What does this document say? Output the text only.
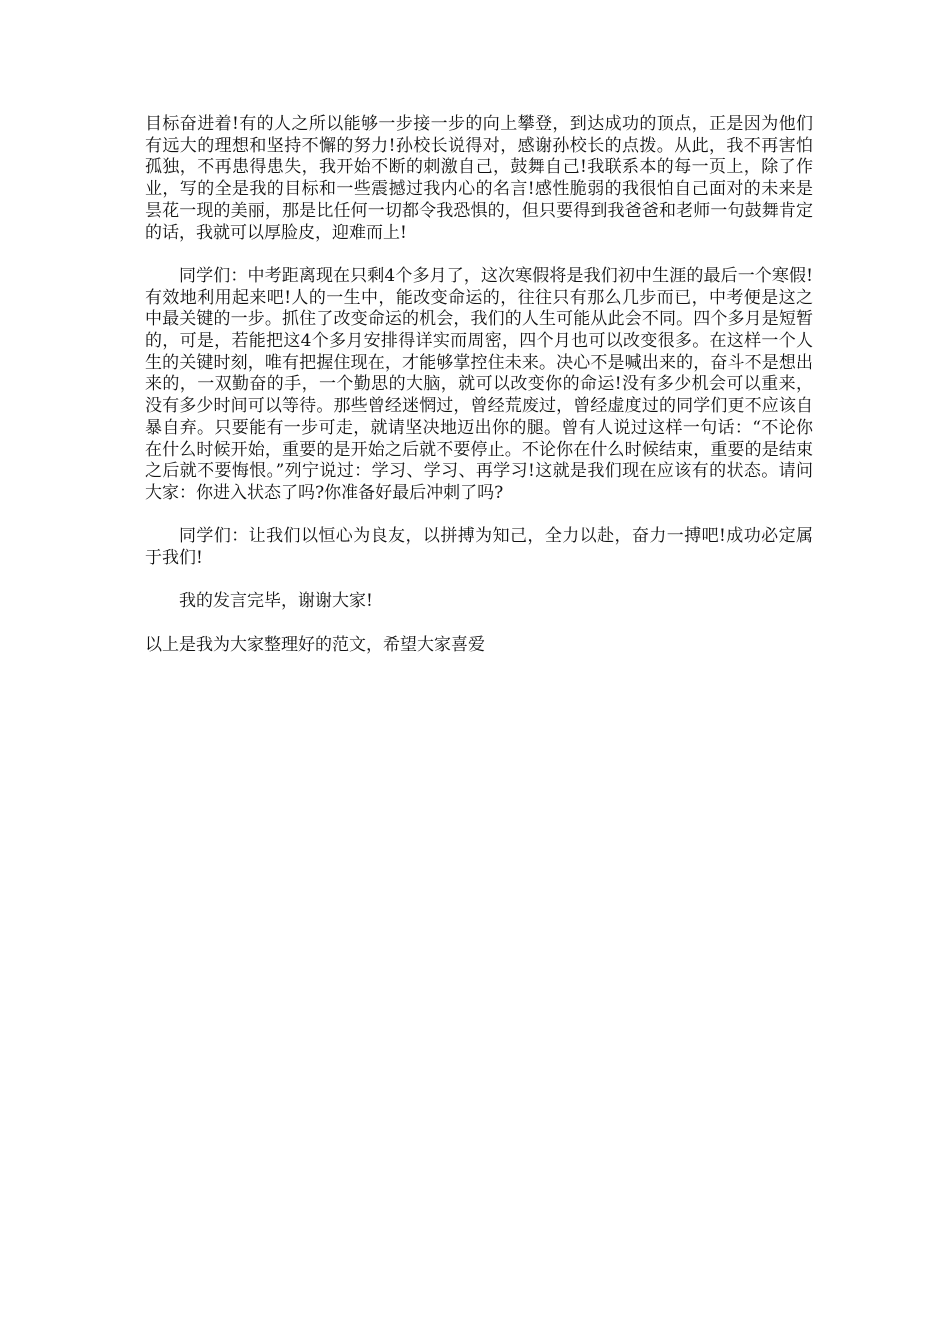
目标奋进着!有的人之所以能够一步接一步的向上攀登，到达成功的顶点，正是因为他们有远大的理想和坚持不懈的努力!孙校长说得对，感谢孙校长的点拨。从此，我不再害怕孤独，不再患得患失，我开始不断的刺激自己，鼓舞自己!我联系本的每一页上，除了作业，写的全是我的目标和一些震撼过我内心的名言!感性脆弱的我很怕自己面对的未来是昙花一现的美丽，那是比任何一切都令我恐惧的，但只要得到我爸爸和老师一句鼓舞肯定的话，我就可以厚脸皮，迎难而上!

同学们：中考距离现在只剩4个多月了，这次寒假将是我们初中生涯的最后一个寒假!有效地利用起来吧!人的一生中，能改变命运的，往往只有那么几步而已，中考便是这之中最关键的一步。抓住了改变命运的机会，我们的人生可能从此会不同。四个多月是短暂的，可是，若能把这4个多月安排得详实而周密，四个月也可以改变很多。在这样一个人生的关键时刻，唯有把握住现在，才能够掌控住未来。决心不是喊出来的，奋斗不是想出来的，一双勤奋的手，一个勤思的大脑，就可以改变你的命运!没有多少机会可以重来，没有多少时间可以等待。那些曾经迷惘过，曾经荒废过，曾经虚度过的同学们更不应该自暴自弃。只要能有一步可走，就请坚决地迈出你的腿。曾有人说过这样一句话：“不论你在什么时候开始，重要的是开始之后就不要停止。不论你在什么时候结束，重要的是结束之后就不要悔恨。”列宁说过：学习、学习、再学习!这就是我们现在应该有的状态。请问大家：你进入状态了吗?你准备好最后冲刺了吗?

同学们：让我们以恒心为良友，以拼搏为知己，全力以赴，奋力一搏吧!成功必定属于我们!

我的发言完毕，谢谢大家!

以上是我为大家整理好的范文，希望大家喜爱
